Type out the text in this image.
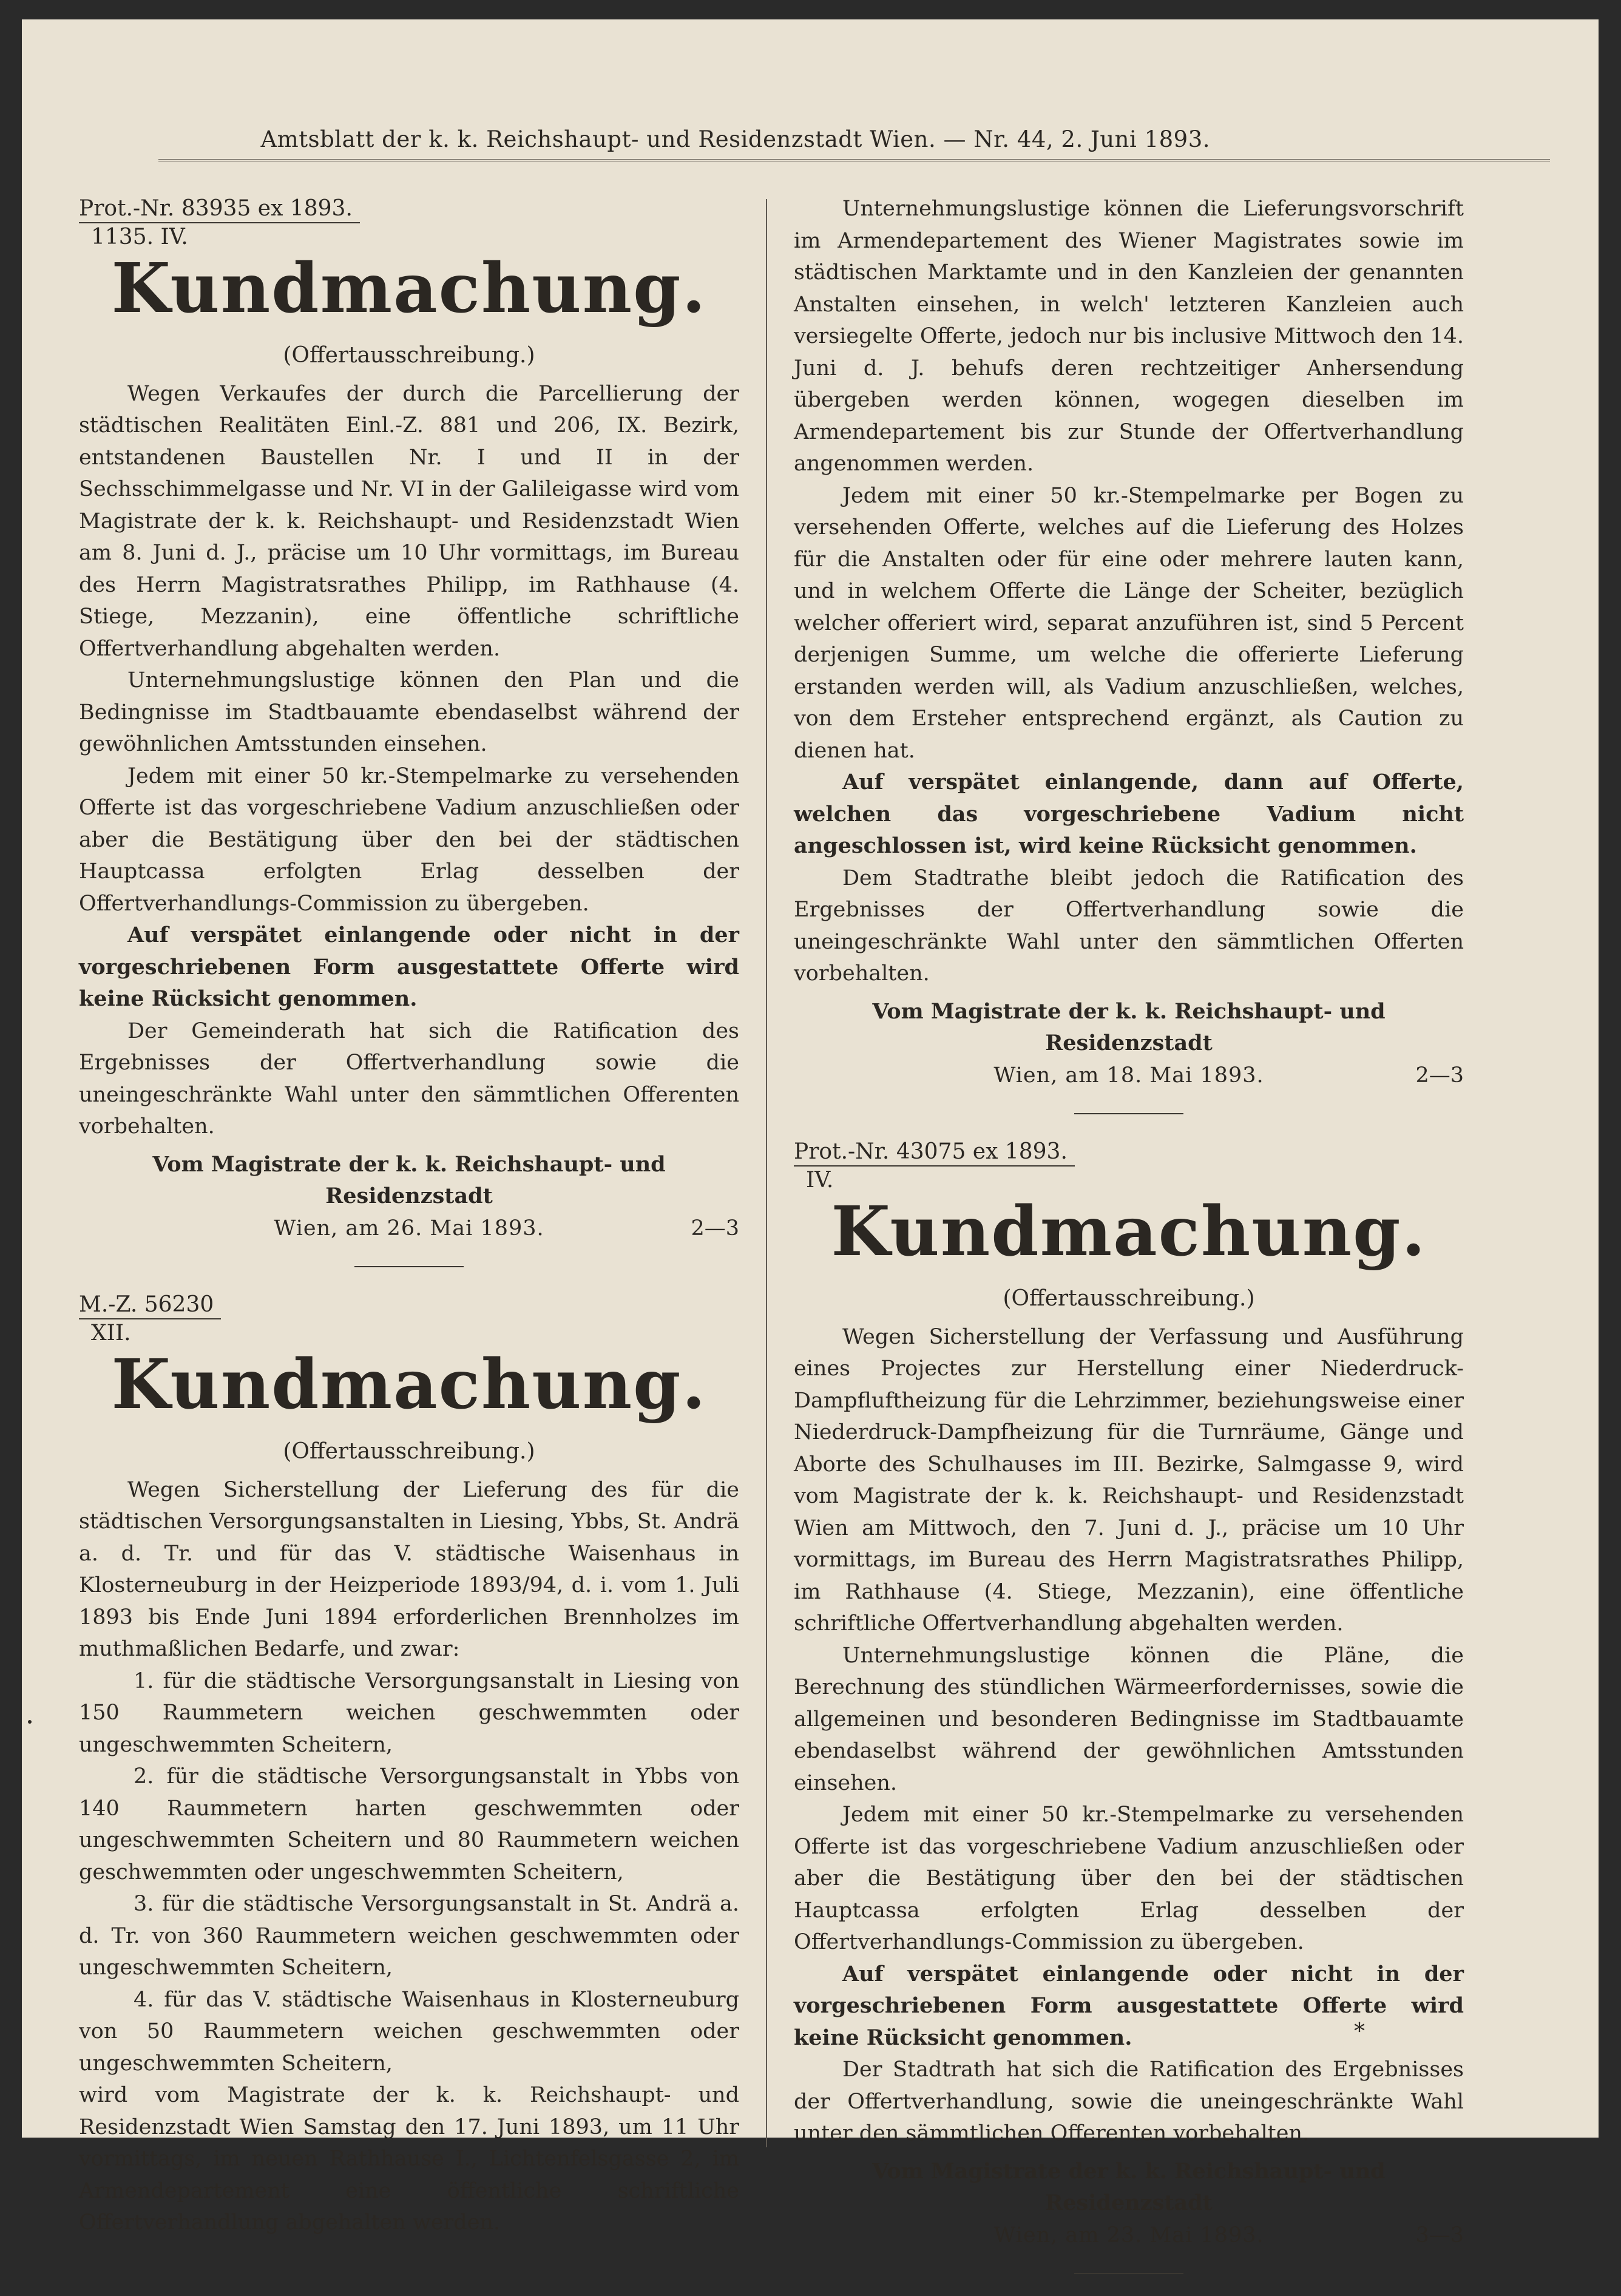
Amtsblatt der k. k. Reichshaupt- und Residenzstadt Wien. — Nr. 44, 2. Juni 1893.
Prot.-Nr. 83935 ex 1893.
1135. IV.
Kundmachung.
(Offertausschreibung.)

Wegen Verkaufes der durch die Parcellierung der städtischen Realitäten Einl.-Z. 881 und 206, IX. Bezirk, entstandenen Baustellen Nr. I und II in der Sechsschimmelgasse und Nr. VI in der Galileigasse wird vom Magistrate der k. k. Reichshaupt- und Residenzstadt Wien am 8. Juni d. J., präcise um 10 Uhr vormittags, im Bureau des Herrn Magistratsrathes Philipp, im Rathhause (4. Stiege, Mezzanin), eine öffentliche schriftliche Offertverhandlung abgehalten werden.

Unternehmungslustige können den Plan und die Bedingnisse im Stadtbauamte ebendaselbst während der gewöhnlichen Amtsstunden einsehen.

Jedem mit einer 50 kr.-Stempelmarke zu versehenden Offerte ist das vorgeschriebene Vadium anzuschließen oder aber die Bestätigung über den bei der städtischen Hauptcassa erfolgten Erlag desselben der Offertverhandlungs-Commission zu übergeben.

Auf verspätet einlangende oder nicht in der vorgeschriebenen Form ausgestattete Offerte wird keine Rücksicht genommen.

Der Gemeinderath hat sich die Ratification des Ergebnisses der Offertverhandlung sowie die uneingeschränkte Wahl unter den sämmtlichen Offerenten vorbehalten.

Vom Magistrate der k. k. Reichshaupt- und Residenzstadt
Wien, am 26. Mai 1893.	2—3
M.-Z. 56230
XII.
Kundmachung.
(Offertausschreibung.)

Wegen Sicherstellung der Lieferung des für die städtischen Versorgungsanstalten in Liesing, Ybbs, St. Andrä a. d. Tr. und für das V. städtische Waisenhaus in Klosterneuburg in der Heizperiode 1893/94, d. i. vom 1. Juli 1893 bis Ende Juni 1894 erforderlichen Brennholzes im muthmaßlichen Bedarfe, und zwar:

1. für die städtische Versorgungsanstalt in Liesing von 150 Raummetern weichen geschwemmten oder ungeschwemmten Scheitern,

2. für die städtische Versorgungsanstalt in Ybbs von 140 Raummetern harten geschwemmten oder ungeschwemmten Scheitern und 80 Raummetern weichen geschwemmten oder ungeschwemmten Scheitern,

3. für die städtische Versorgungsanstalt in St. Andrä a. d. Tr. von 360 Raummetern weichen geschwemmten oder ungeschwemmten Scheitern,

4. für das V. städtische Waisenhaus in Klosterneuburg von 50 Raummetern weichen geschwemmten oder ungeschwemmten Scheitern,

wird vom Magistrate der k. k. Reichshaupt- und Residenzstadt Wien Samstag den 17. Juni 1893, um 11 Uhr vormittags, im neuen Rathhause I., Lichtenfelsgasse 2, im Armendepartement eine öffentliche schriftliche Offertverhandlung abgehalten werden.

Unternehmungslustige können die Lieferungsvorschrift im Armendepartement des Wiener Magistrates sowie im städtischen Marktamte und in den Kanzleien der genannten Anstalten einsehen, in welch' letzteren Kanzleien auch versiegelte Offerte, jedoch nur bis inclusive Mittwoch den 14. Juni d. J. behufs deren rechtzeitiger Anhersendung übergeben werden können, wogegen dieselben im Armendepartement bis zur Stunde der Offertverhandlung angenommen werden.

Jedem mit einer 50 kr.-Stempelmarke per Bogen zu versehenden Offerte, welches auf die Lieferung des Holzes für die Anstalten oder für eine oder mehrere lauten kann, und in welchem Offerte die Länge der Scheiter, bezüglich welcher offeriert wird, separat anzuführen ist, sind 5 Percent derjenigen Summe, um welche die offerierte Lieferung erstanden werden will, als Vadium anzuschließen, welches, von dem Ersteher entsprechend ergänzt, als Caution zu dienen hat.

Auf verspätet einlangende, dann auf Offerte, welchen das vorgeschriebene Vadium nicht angeschlossen ist, wird keine Rücksicht genommen.

Dem Stadtrathe bleibt jedoch die Ratification des Ergebnisses der Offertverhandlung sowie die uneingeschränkte Wahl unter den sämmtlichen Offerten vorbehalten.

Vom Magistrate der k. k. Reichshaupt- und Residenzstadt
Wien, am 18. Mai 1893.	2—3
Prot.-Nr. 43075 ex 1893.
IV.
Kundmachung.
(Offertausschreibung.)

Wegen Sicherstellung der Verfassung und Ausführung eines Projectes zur Herstellung einer Niederdruck-Dampfluftheizung für die Lehrzimmer, beziehungsweise einer Niederdruck-Dampfheizung für die Turnräume, Gänge und Aborte des Schulhauses im III. Bezirke, Salmgasse 9, wird vom Magistrate der k. k. Reichshaupt- und Residenzstadt Wien am Mittwoch, den 7. Juni d. J., präcise um 10 Uhr vormittags, im Bureau des Herrn Magistratsrathes Philipp, im Rathhause (4. Stiege, Mezzanin), eine öffentliche schriftliche Offertverhandlung abgehalten werden.

Unternehmungslustige können die Pläne, die Berechnung des stündlichen Wärmeerfordernisses, sowie die allgemeinen und besonderen Bedingnisse im Stadtbauamte ebendaselbst während der gewöhnlichen Amtsstunden einsehen.

Jedem mit einer 50 kr.-Stempelmarke zu versehenden Offerte ist das vorgeschriebene Vadium anzuschließen oder aber die Bestätigung über den bei der städtischen Hauptcassa erfolgten Erlag desselben der Offertverhandlungs-Commission zu übergeben.

Auf verspätet einlangende oder nicht in der vorgeschriebenen Form ausgestattete Offerte wird keine Rücksicht genommen.

Der Stadtrath hat sich die Ratification des Ergebnisses der Offertverhandlung, sowie die uneingeschränkte Wahl unter den sämmtlichen Offerenten vorbehalten.

Vom Magistrate der k. k. Reichshaupt- und Residenzstadt
Wien, am 23. Mai 1893.	3—3
*
